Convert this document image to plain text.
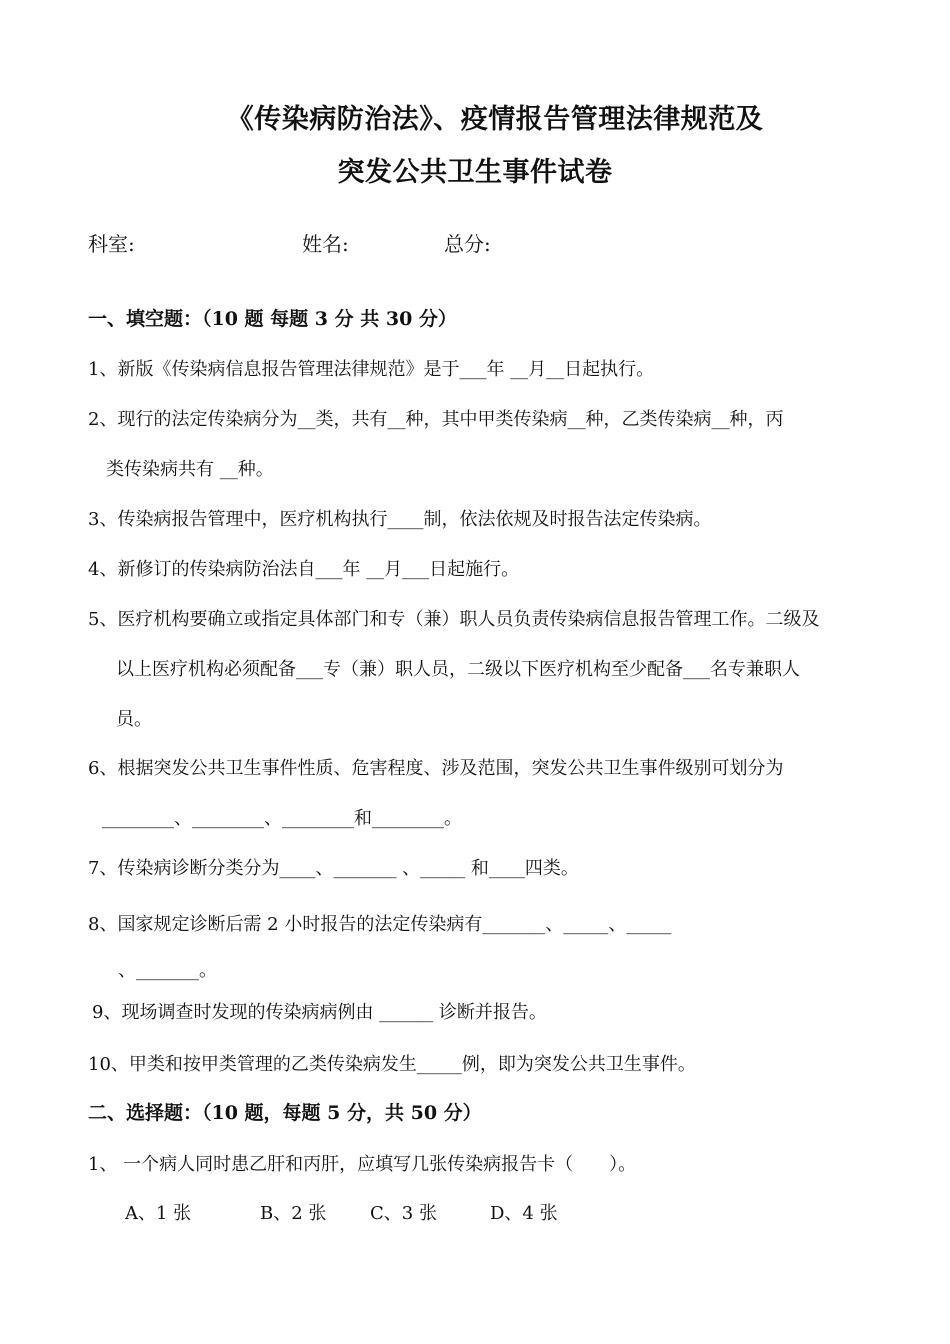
《传染病防治法》、疫情报告管理法律规范及
突发公共卫生事件试卷
科室:	姓名:	总分:
一、填空题：（10 题 每题 3 分 共 30 分）
1、新版《传染病信息报告管理法律规范》是于___年 __月__日起执行。
2、现行的法定传染病分为__类，共有__种，其中甲类传染病__种，乙类传染病__种，丙
类传染病共有 __种。
3、传染病报告管理中，医疗机构执行____制，依法依规及时报告法定传染病。
4、新修订的传染病防治法自___年 __月___日起施行。
5、医疗机构要确立或指定具体部门和专（兼）职人员负责传染病信息报告管理工作。二级及
以上医疗机构必须配备___专（兼）职人员，二级以下医疗机构至少配备___名专兼职人
员。
6、根据突发公共卫生事件性质、危害程度、涉及范围，突发公共卫生事件级别可划分为
________、________、________和________。
7、传染病诊断分类分为____、_______ 、_____ 和____四类。
8、国家规定诊断后需 2 小时报告的法定传染病有_______、_____、_____
、_______。
9、现场调查时发现的传染病病例由 ______ 诊断并报告。
10、甲类和按甲类管理的乙类传染病发生_____例，即为突发公共卫生事件。
二、选择题：（10 题，每题 5 分，共 50 分）
1、 一个病人同时患乙肝和丙肝，应填写几张传染病报告卡（　　）。
A、1 张	B、2 张 C、3 张	D、4 张
